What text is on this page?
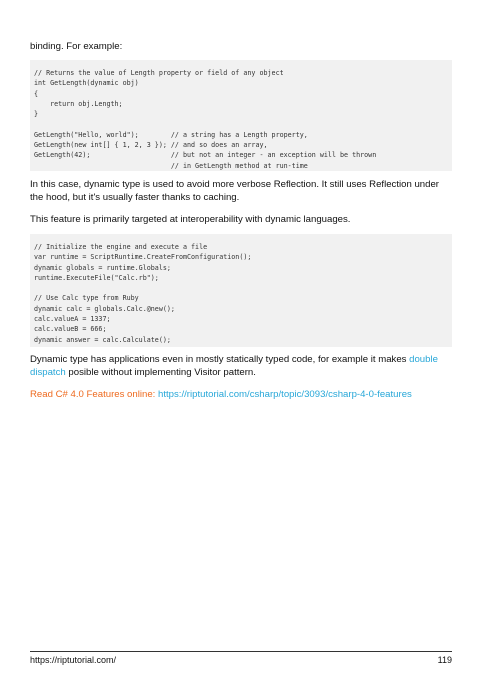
binding. For example:

// Returns the value of Length property or field of any object
int GetLength(dynamic obj)
{
return obj.Length;
}

GetLength("Hello, world");        // a string has a Length property,
GetLength(new int[] { 1, 2, 3 }); // and so does an array,
GetLength(42);                    // but not an integer - an exception will be thrown
// in GetLength method at run-time

In this case, dynamic type is used to avoid more verbose Reflection. It still uses Reflection under the hood, but it's usually faster thanks to caching.

This feature is primarily targeted at interoperability with dynamic languages.

// Initialize the engine and execute a file
var runtime = ScriptRuntime.CreateFromConfiguration();
dynamic globals = runtime.Globals;
runtime.ExecuteFile("Calc.rb");

// Use Calc type from Ruby
dynamic calc = globals.Calc.@new();
calc.valueA = 1337;
calc.valueB = 666;
dynamic answer = calc.Calculate();

Dynamic type has applications even in mostly statically typed code, for example it makes double dispatch posible without implementing Visitor pattern.

Read C# 4.0 Features online: https://riptutorial.com/csharp/topic/3093/csharp-4-0-features

https://riptutorial.com/	119
